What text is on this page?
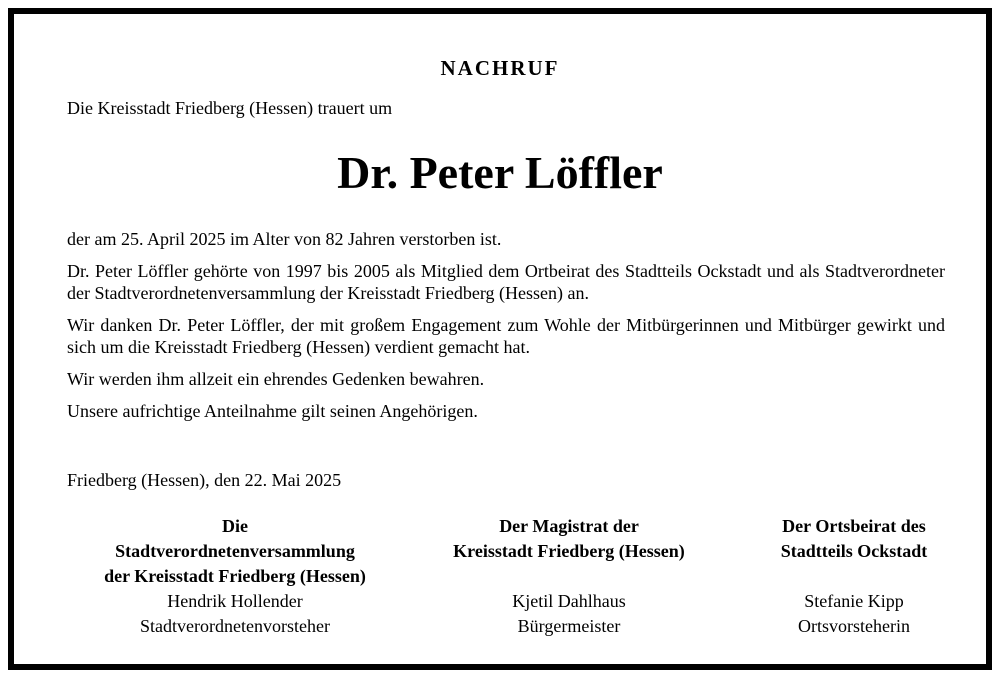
NACHRUF
Die Kreisstadt Friedberg (Hessen) trauert um
Dr. Peter Löffler

der am 25. April 2025 im Alter von 82 Jahren verstorben ist.

Dr. Peter Löffler gehörte von 1997 bis 2005 als Mitglied dem Ortbeirat des Stadtteils Ockstadt und als Stadtverordneter der Stadtverordnetenversammlung der Kreisstadt Friedberg (Hessen) an.

Wir danken Dr. Peter Löffler, der mit großem Engagement zum Wohle der Mitbürgerinnen und Mitbürger gewirkt und sich um die Kreisstadt Friedberg (Hessen) verdient gemacht hat.

Wir werden ihm allzeit ein ehrendes Gedenken bewahren.

Unsere aufrichtige Anteilnahme gilt seinen Angehörigen.

Friedberg (Hessen), den 22. Mai 2025
Die
Stadtverordnetenversammlung
der Kreisstadt Friedberg (Hessen)
Hendrik Hollender
Stadtverordnetenvorsteher
Der Magistrat der
Kreisstadt Friedberg (Hessen)
Kjetil Dahlhaus
Bürgermeister
Der Ortsbeirat des
Stadtteils Ockstadt
Stefanie Kipp
Ortsvorsteherin
